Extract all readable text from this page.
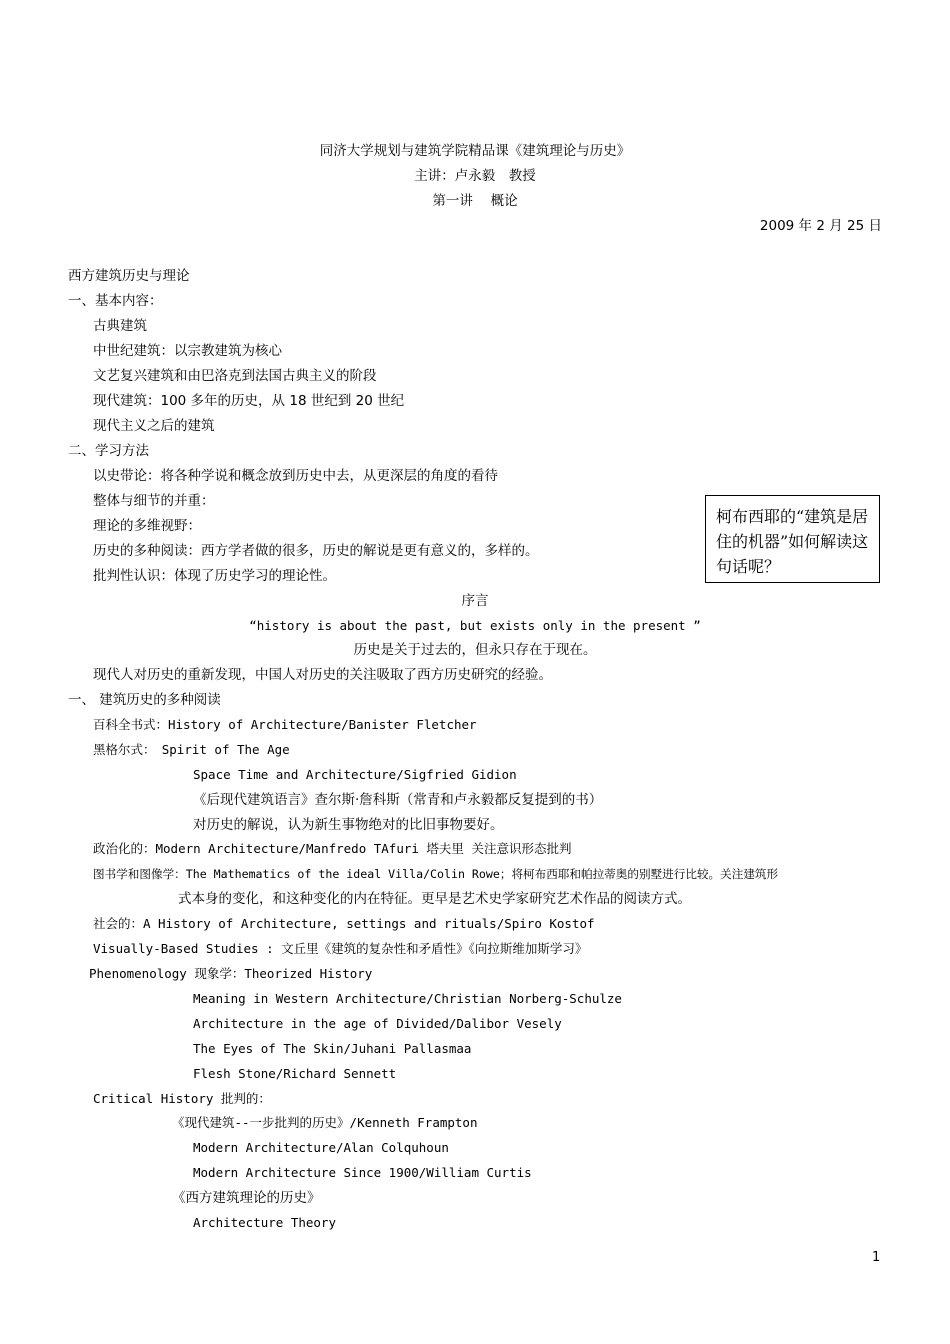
同济大学规划与建筑学院精品课《建筑理论与历史》
主讲：卢永毅　教授
第一讲　 概论
2009 年 2 月 25 日
西方建筑历史与理论
一、基本内容：
古典建筑
中世纪建筑：以宗教建筑为核心
文艺复兴建筑和由巴洛克到法国古典主义的阶段
现代建筑：100 多年的历史，从 18 世纪到 20 世纪
现代主义之后的建筑
二、学习方法
以史带论：将各种学说和概念放到历史中去，从更深层的角度的看待
整体与细节的并重：
理论的多维视野：
历史的多种阅读：西方学者做的很多，历史的解说是更有意义的，多样的。
批判性认识：体现了历史学习的理论性。
柯布西耶的“建筑是居住的机器”如何解读这句话呢？
序言
“history is about the past, but exists only in the present ”
历史是关于过去的，但永只存在于现在。
现代人对历史的重新发现，中国人对历史的关注吸取了西方历史研究的经验。
一、 建筑历史的多种阅读
百科全书式：History of Architecture/Banister Fletcher
黑格尔式：　Spirit of The Age
Space Time and Architecture/Sigfried Gidion
《后现代建筑语言》查尔斯·詹科斯（常青和卢永毅都反复提到的书）
对历史的解说，认为新生事物绝对的比旧事物要好。
政治化的：Modern Architecture/Manfredo TAfuri 塔夫里 关注意识形态批判
图书学和图像学：The Mathematics of the ideal Villa/Colin Rowe；将柯布西耶和帕拉蒂奥的别墅进行比较。关注建筑形
式本身的变化，和这种变化的内在特征。更早是艺术史学家研究艺术作品的阅读方式。
社会的：A History of Architecture, settings and rituals/Spiro Kostof
Visually-Based Studies : 文丘里《建筑的复杂性和矛盾性》《向拉斯维加斯学习》
Phenomenology 现象学：Theorized History
Meaning in Western Architecture/Christian Norberg-Schulze
Architecture in the age of Divided/Dalibor Vesely
The Eyes of The Skin/Juhani Pallasmaa
Flesh Stone/Richard Sennett
Critical History 批判的：
《现代建筑--一步批判的历史》/Kenneth Frampton
Modern Architecture/Alan Colquhoun
Modern Architecture Since 1900/William Curtis
《西方建筑理论的历史》
Architecture Theory
1
